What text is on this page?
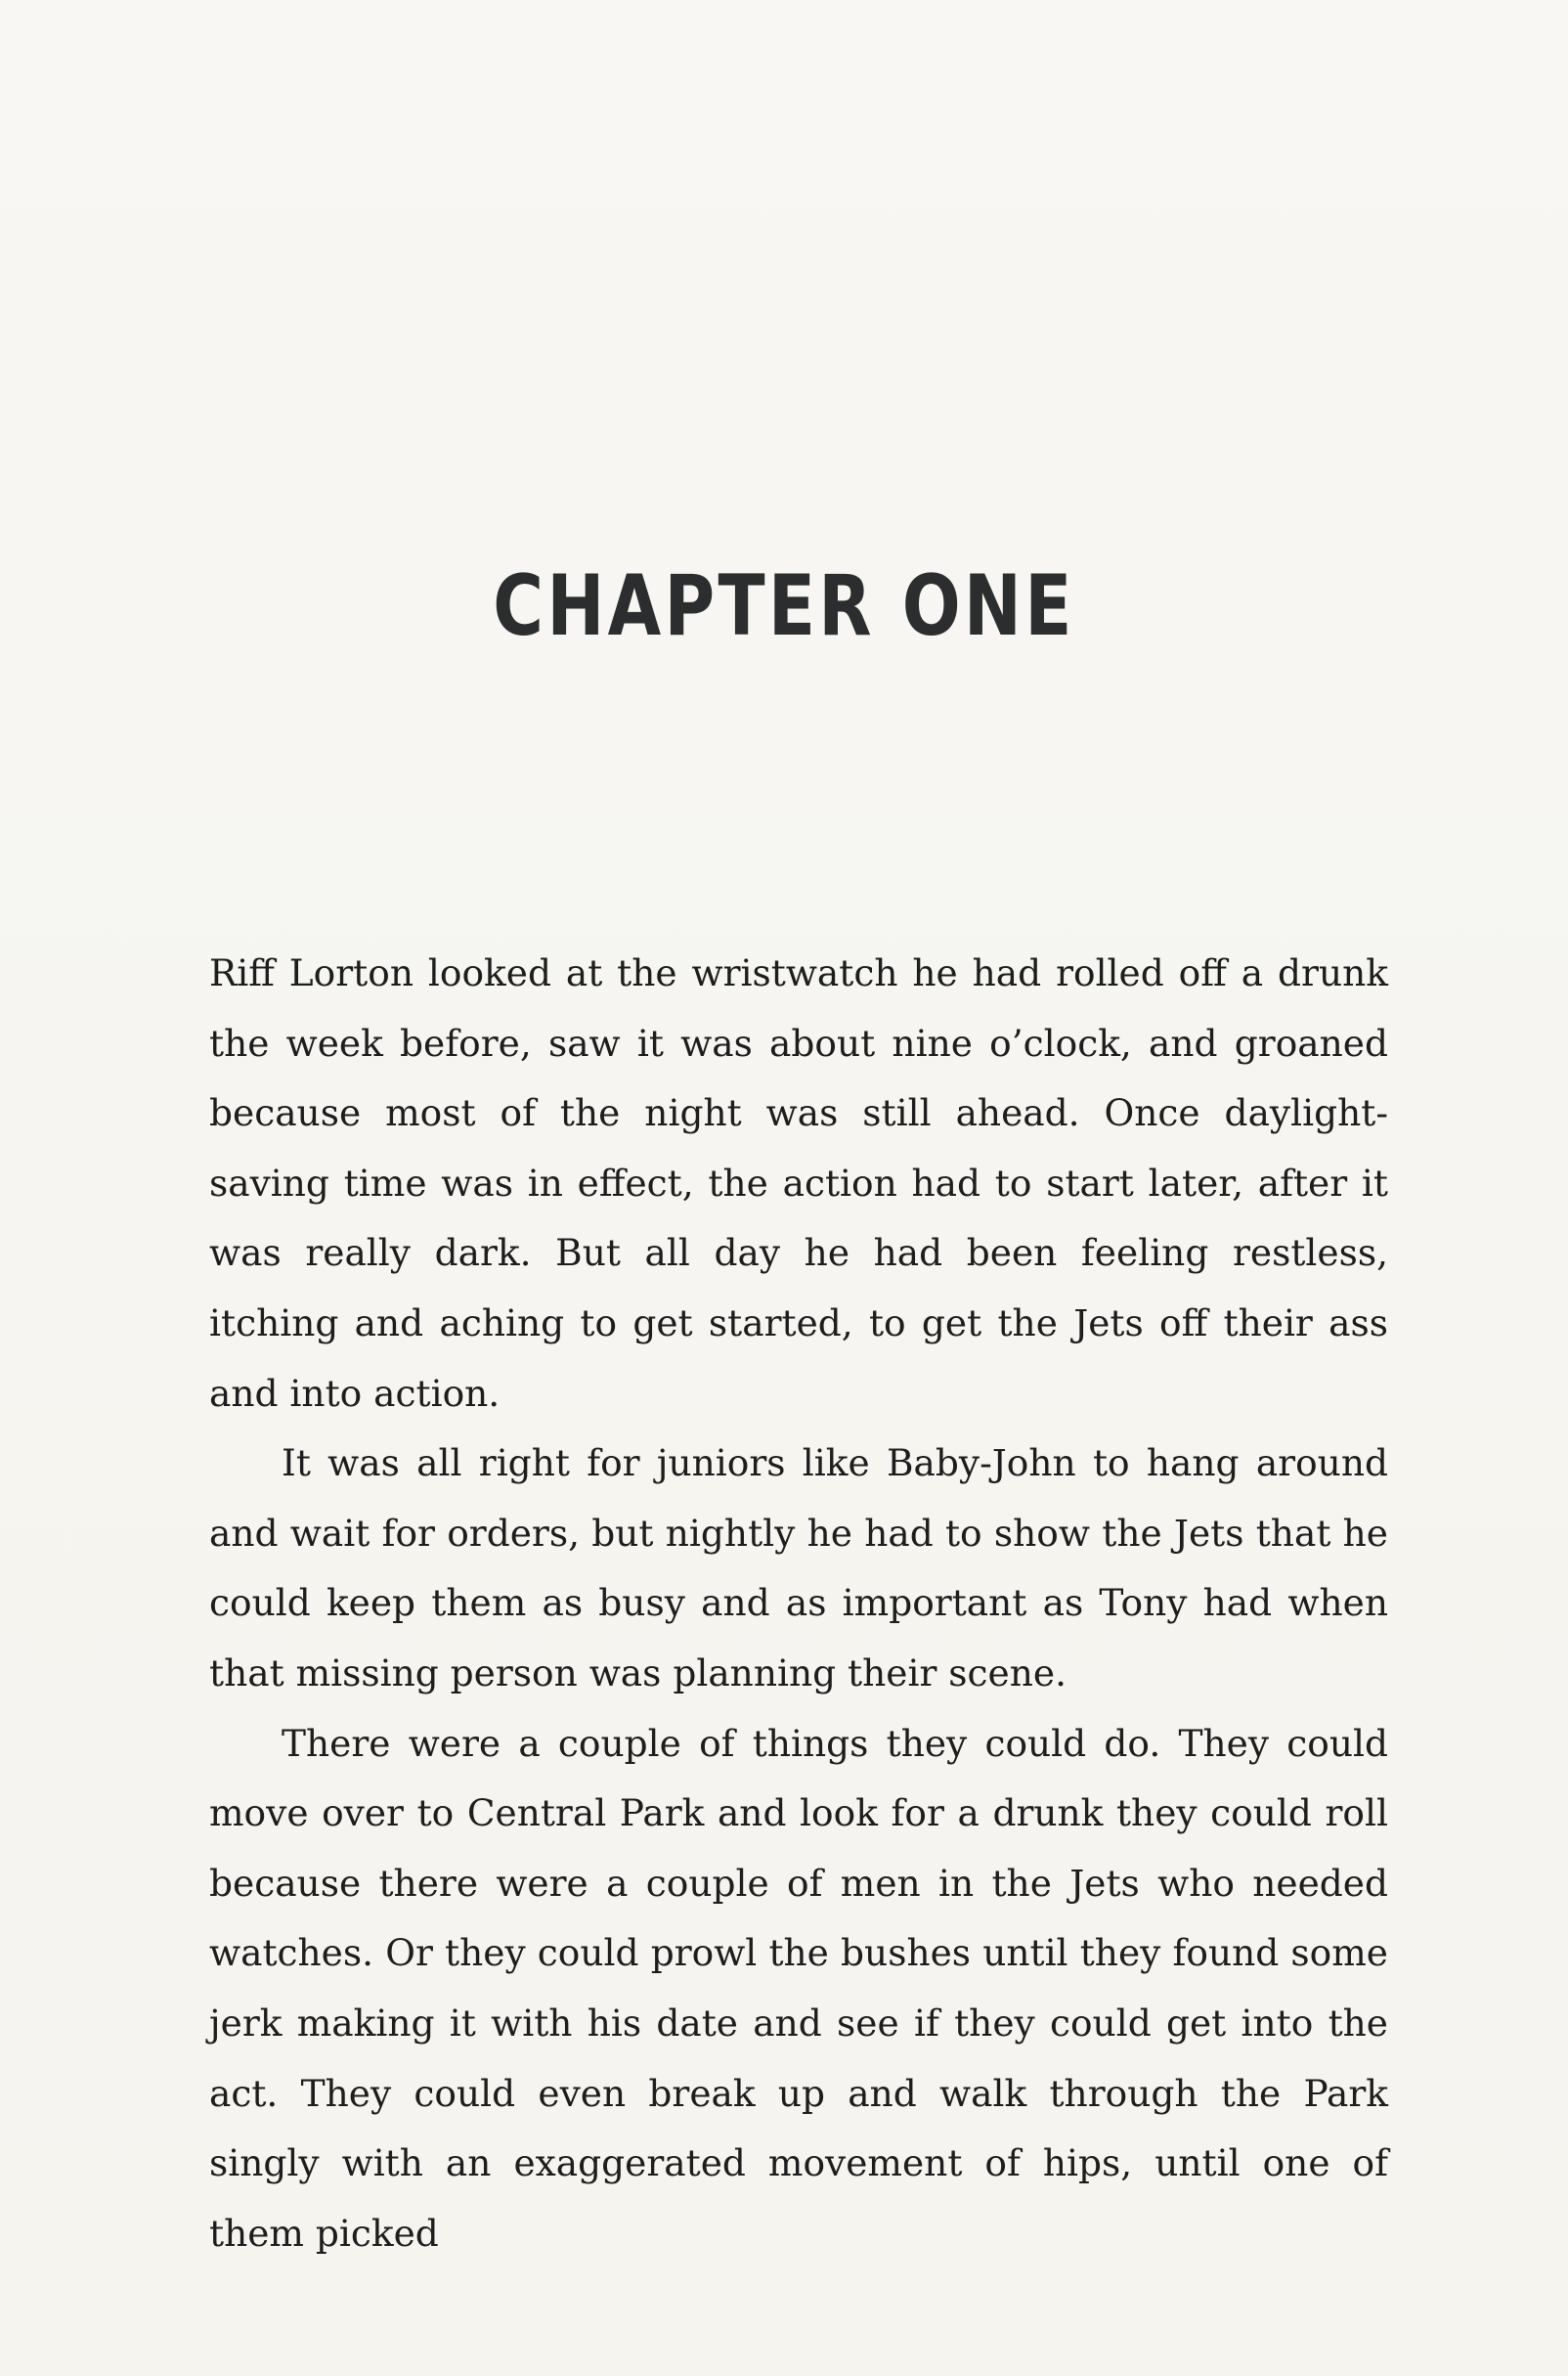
CHAPTER ONE

Riff Lorton looked at the wristwatch he had rolled off a drunk the week before, saw it was about nine o’clock, and groaned because most of the night was still ahead. Once daylight-saving time was in effect, the action had to start later, after it was really dark. But all day he had been feeling restless, itching and aching to get started, to get the Jets off their ass and into action.

It was all right for juniors like Baby-John to hang around and wait for orders, but nightly he had to show the Jets that he could keep them as busy and as important as Tony had when that missing person was planning their scene.

There were a couple of things they could do. They could move over to Central Park and look for a drunk they could roll because there were a couple of men in the Jets who needed watches. Or they could prowl the bushes until they found some jerk making it with his date and see if they could get into the act. They could even break up and walk through the Park singly with an exaggerated movement of hips, until one of them picked
